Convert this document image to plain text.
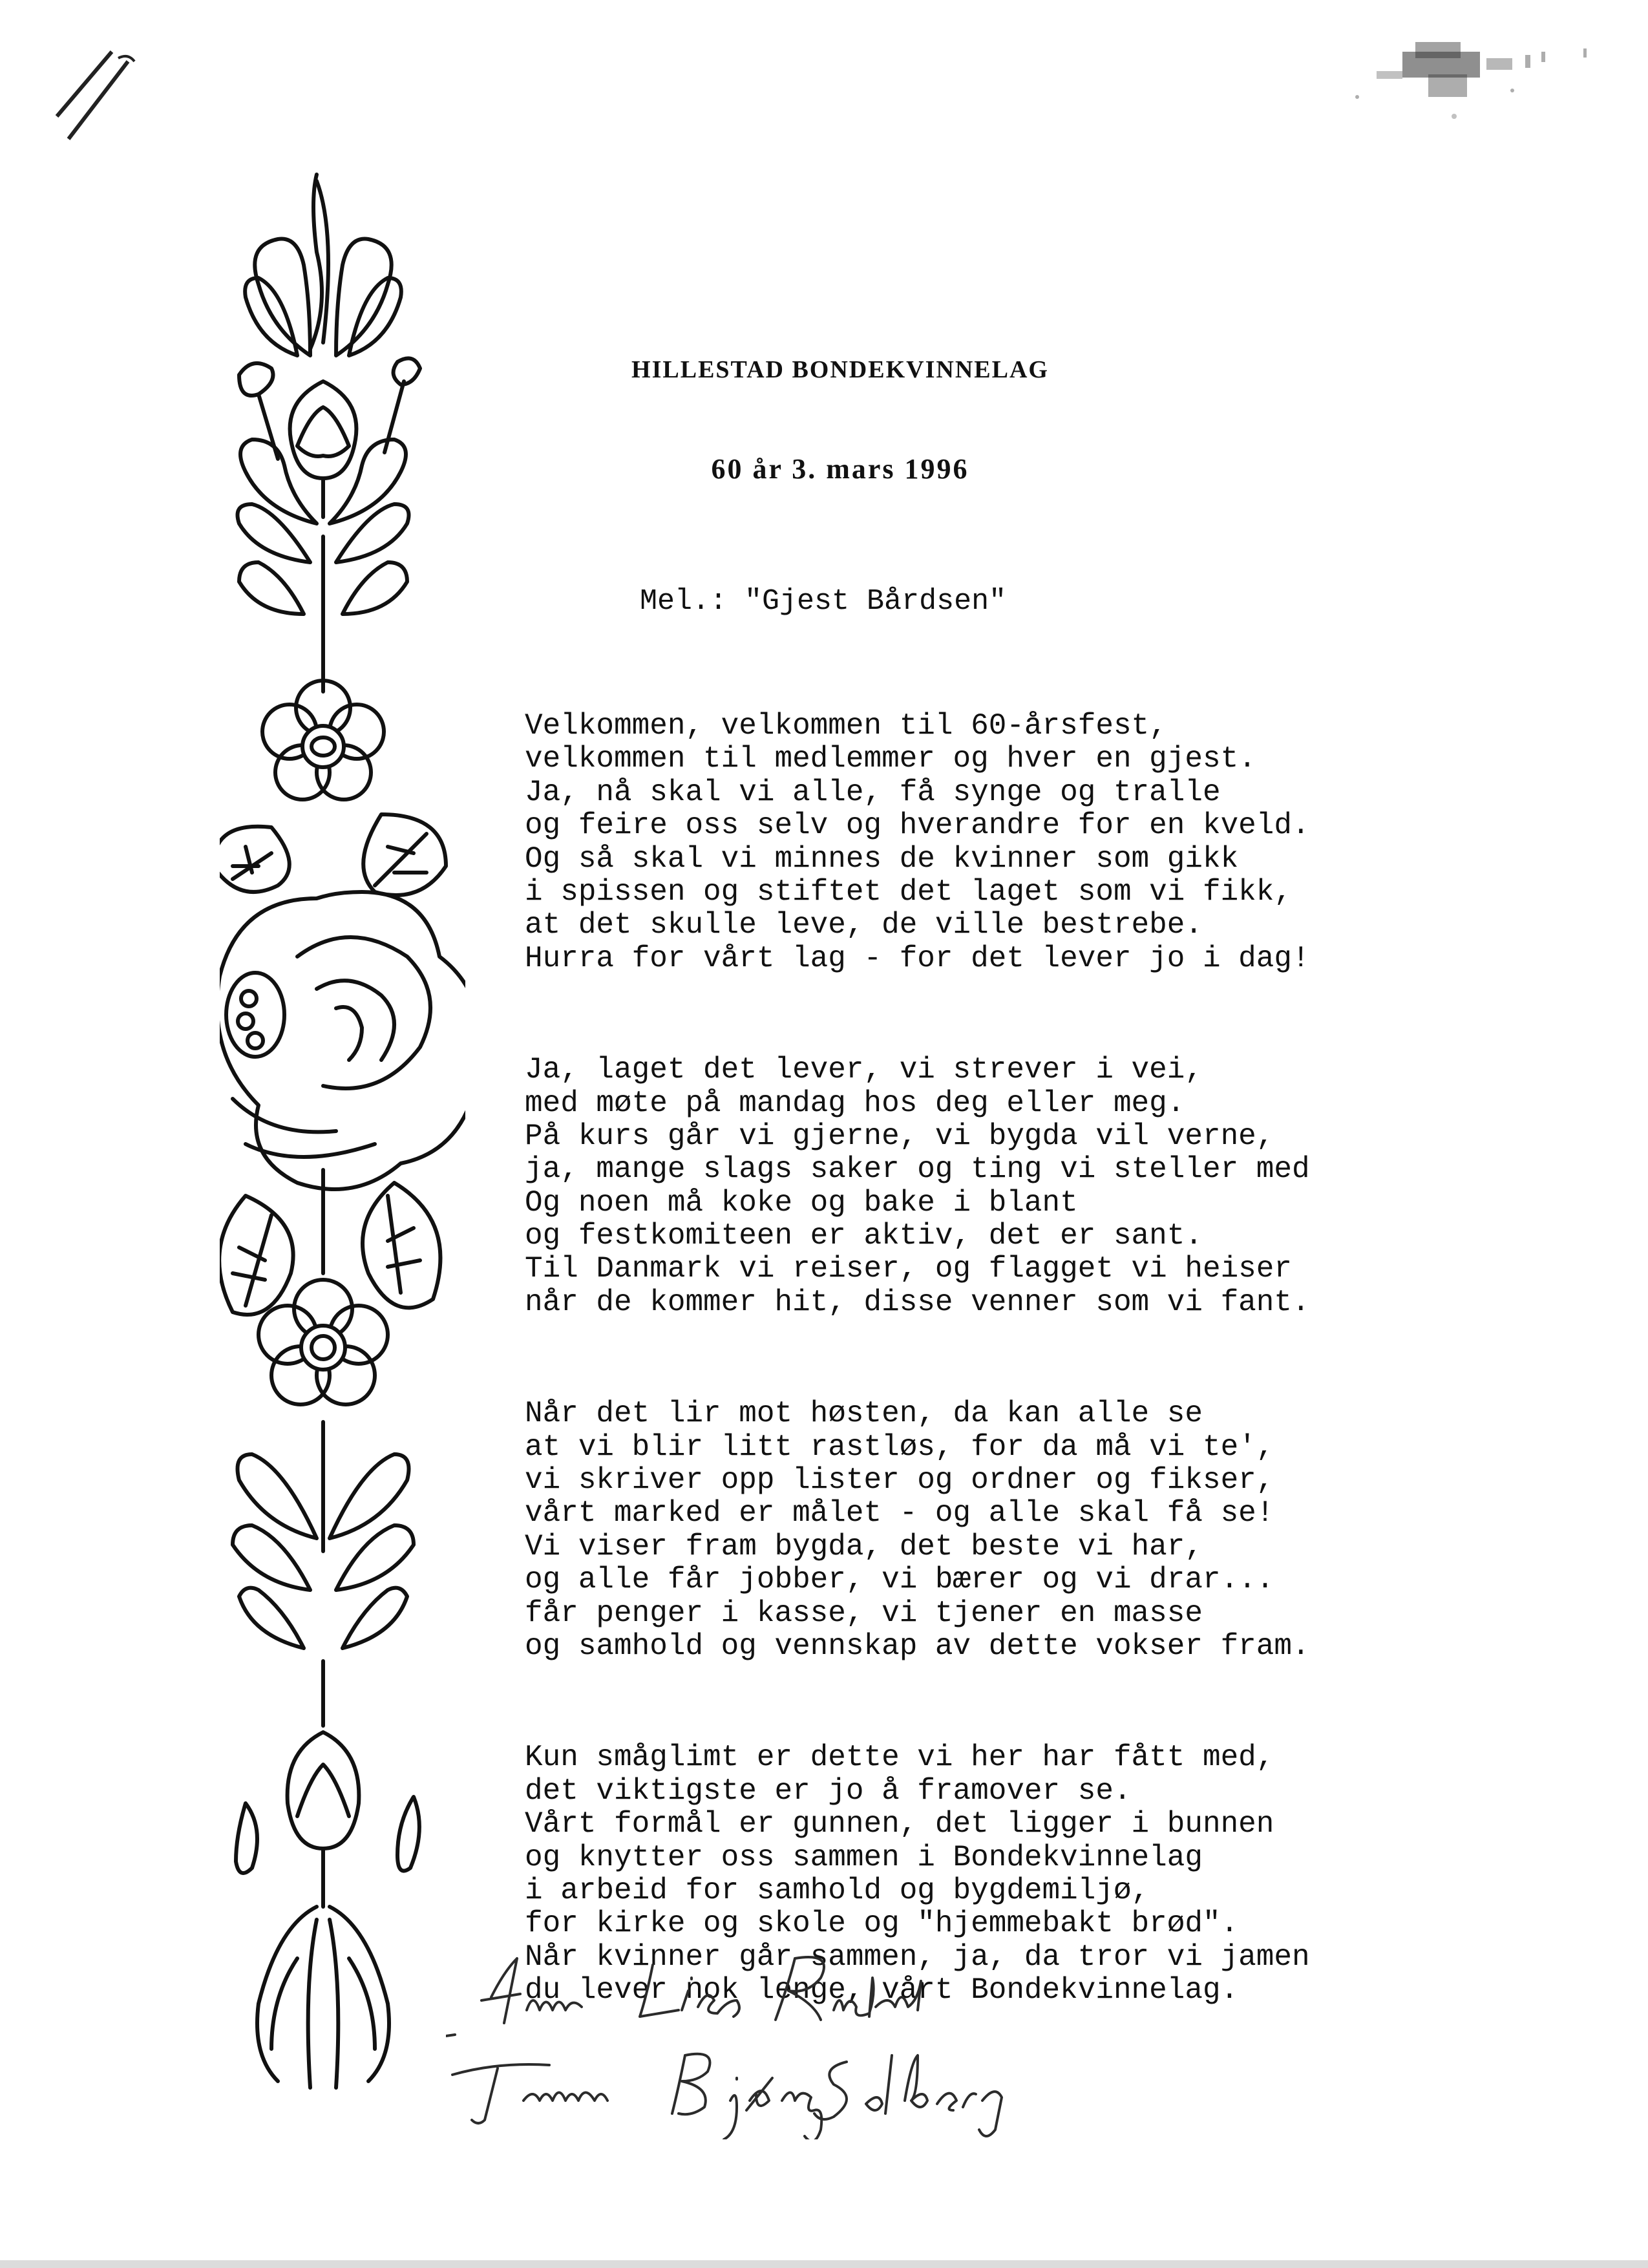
HILLESTAD BONDEKVINNELAG
60 år 3. mars 1996
Mel.: "Gjest Bårdsen"
Velkommen, velkommen til 60-årsfest,
velkommen til medlemmer og hver en gjest.
Ja, nå skal vi alle, få synge og tralle
og feire oss selv og hverandre for en kveld.
Og så skal vi minnes de kvinner som gikk
i spissen og stiftet det laget som vi fikk,
at det skulle leve, de ville bestrebe.
Hurra for vårt lag - for det lever jo i dag!
Ja, laget det lever, vi strever i vei,
med møte på mandag hos deg eller meg.
På kurs går vi gjerne, vi bygda vil verne,
ja, mange slags saker og ting vi steller med
Og noen må koke og bake i blant
og festkomiteen er aktiv, det er sant.
Til Danmark vi reiser, og flagget vi heiser
når de kommer hit, disse venner som vi fant.
Når det lir mot høsten, da kan alle se
at vi blir litt rastløs, for da må vi te',
vi skriver opp lister og ordner og fikser,
vårt marked er målet - og alle skal få se!
Vi viser fram bygda, det beste vi har,
og alle får jobber, vi bærer og vi drar...
får penger i kasse, vi tjener en masse
og samhold og vennskap av dette vokser fram.
Kun småglimt er dette vi her har fått med,
det viktigste er jo å framover se.
Vårt formål er gunnen, det ligger i bunnen
og knytter oss sammen i Bondekvinnelag
i arbeid for samhold og bygdemiljø,
for kirke og skole og "hjemmebakt brød".
Når kvinner går sammen, ja, da tror vi jamen
du lever nok lenge, vårt Bondekvinnelag.
